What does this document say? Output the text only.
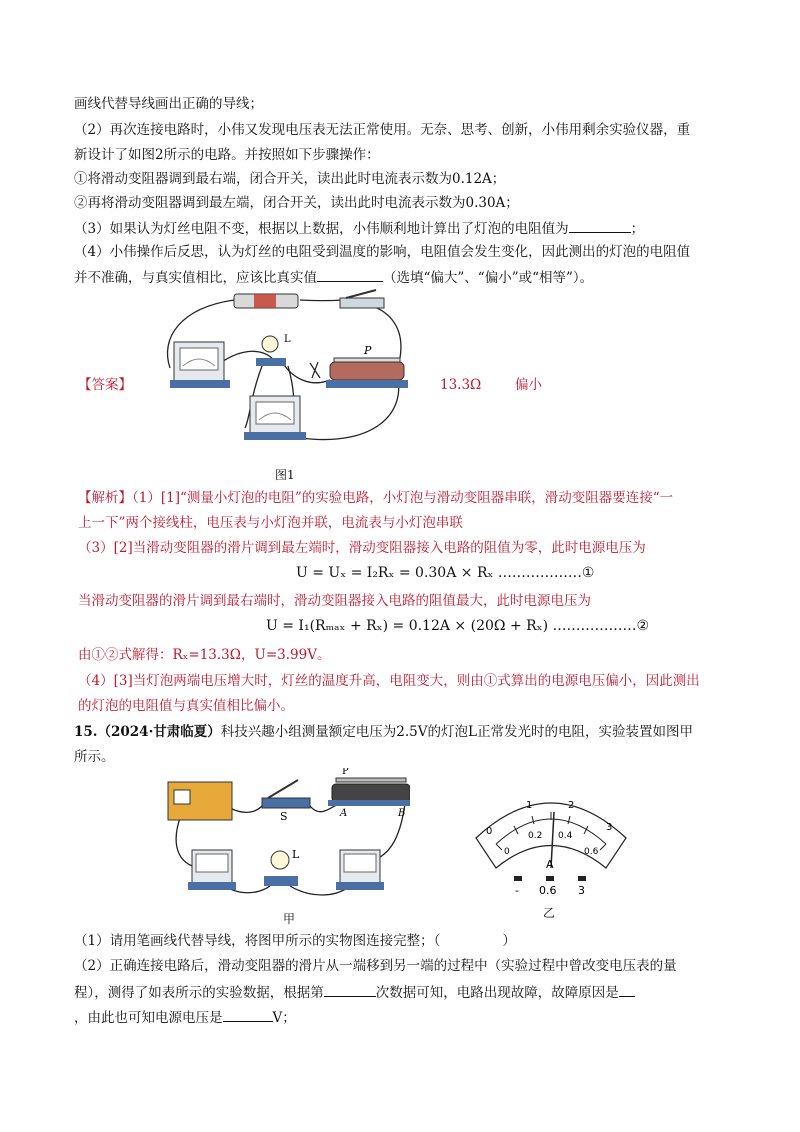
画线代替导线画出正确的导线；
（2）再次连接电路时，小伟又发现电压表无法正常使用。无奈、思考、创新，小伟用剩余实验仪器，重
新设计了如图2所示的电路。并按照如下步骤操作：
①将滑动变阻器调到最右端，闭合开关，读出此时电流表示数为0.12A；
②再将滑动变阻器调到最左端，闭合开关，读出此时电流表示数为0.30A；
（3）如果认为灯丝电阻不变，根据以上数据，小伟顺利地计算出了灯泡的电阻值为	；
（4）小伟操作后反思，认为灯丝的电阻受到温度的影响，电阻值会发生变化，因此测出的灯泡的电阻值
并不准确，与真实值相比，应该比真实值	（选填“偏大”、“偏小”或“相等”）。
【答案】	13.3Ω 偏小
L
P
图1
【解析】（1）[1]“测量小灯泡的电阻”的实验电路，小灯泡与滑动变阻器串联，滑动变阻器要连接“一
上一下”两个接线柱，电压表与小灯泡并联，电流表与小灯泡串联
（3）[2]当滑动变阻器的滑片调到最左端时，滑动变阻器接入电路的阻值为零，此时电源电压为
U = Uₓ = I₂Rₓ = 0.30A × Rₓ ………………①
当滑动变阻器的滑片调到最右端时，滑动变阻器接入电路的阻值最大，此时电源电压为
U = I₁(Rₘₐₓ + Rₓ) = 0.12A × (20Ω + Rₓ) ………………②
由①②式解得：Rₓ=13.3Ω，U=3.99V。
（4）[3]当灯泡两端电压增大时，灯丝的温度升高，电阻变大，则由①式算出的电源电压偏小，因此测出
的灯泡的电阻值与真实值相比偏小。
15.（2024·甘肃临夏）科技兴趣小组测量额定电压为2.5V的灯泡L正常发光时的电阻，实验装置如图甲
所示。
S
P
A	B
L
甲
0
1	2
3
0
0.2 0.4
0.6
A
- 0.6 3
乙
（1）请用笔画线代替导线，将图甲所示的实物图连接完整；（	）
（2）正确连接电路后，滑动变阻器的滑片从一端移到另一端的过程中（实验过程中曾改变电压表的量
程），测得了如表所示的实验数据，根据第	次数据可知，电路出现故障，故障原因是
，由此也可知电源电压是	V；
